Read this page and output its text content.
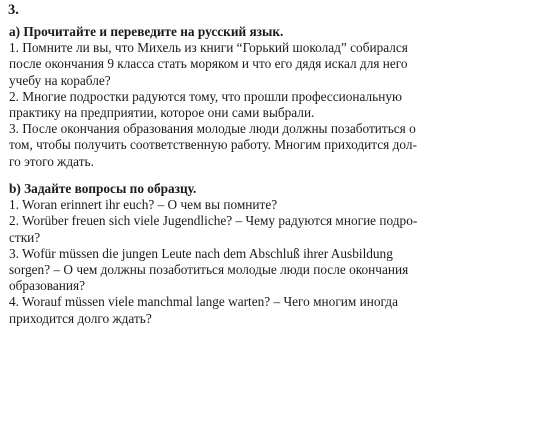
3.
а) Прочитайте и переведите на русский язык.
1. Помните ли вы, что Михель из книги “Горький шоколад” собирался
после окончания 9 класса стать моряком и что его дядя искал для него
учебу на корабле?
2. Многие подростки радуются тому, что прошли профессиональную
практику на предприятии, которое они сами выбрали.
3. После окончания образования молодые люди должны позаботиться о
том, чтобы получить соответственную работу. Многим приходится дол-
го этого ждать.
b) Задайте вопросы по образцу.
1. Woran erinnert ihr euch? – О чем вы помните?
2. Worüber freuen sich viele Jugendliche? – Чему радуются многие подро-
стки?
3. Wofür müssen die jungen Leute nach dem Abschluß ihrer Ausbildung
sorgen? – О чем должны позаботиться молодые люди после окончания
образования?
4. Worauf müssen viele manchmal lange warten? – Чего многим иногда
приходится долго ждать?
